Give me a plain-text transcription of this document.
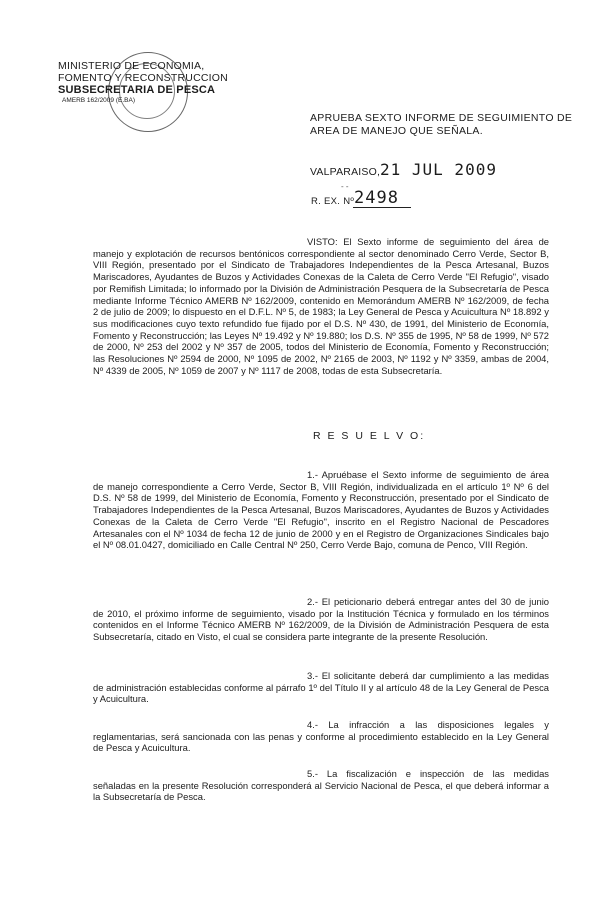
MINISTERIO DE ECONOMIA,
FOMENTO Y RECONSTRUCCION
SUBSECRETARIA DE PESCA
AMERB 162/2009 (E.BA)
APRUEBA SEXTO INFORME DE SEGUIMIENTO DE AREA DE MANEJO QUE SEÑALA.
VALPARAISO, 21 JUL 2009
- -
R. EX. Nº 2498

VISTO: El Sexto informe de seguimiento del área de manejo y explotación de recursos bentónicos correspondiente al sector denominado Cerro Verde, Sector B, VIII Región, presentado por el Sindicato de Trabajadores Independientes de la Pesca Artesanal, Buzos Mariscadores, Ayudantes de Buzos y Actividades Conexas de la Caleta de Cerro Verde "El Refugio", visado por Remifish Limitada; lo informado por la División de Administración Pesquera de la Subsecretaría de Pesca mediante Informe Técnico AMERB Nº 162/2009, contenido en Memorándum AMERB Nº 162/2009, de fecha 2 de julio de 2009; lo dispuesto en el D.F.L. Nº 5, de 1983; la Ley General de Pesca y Acuicultura Nº 18.892 y sus modificaciones cuyo texto refundido fue fijado por el D.S. Nº 430, de 1991, del Ministerio de Economía, Fomento y Reconstrucción; las Leyes Nº 19.492 y Nº 19.880; los D.S. Nº 355 de 1995, Nº 58 de 1999, Nº 572 de 2000, Nº 253 del 2002 y Nº 357 de 2005, todos del Ministerio de Economía, Fomento y Reconstrucción; las Resoluciones Nº 2594 de 2000, Nº 1095 de 2002, Nº 2165 de 2003, Nº 1192 y Nº 3359, ambas de 2004, Nº 4339 de 2005, Nº 1059 de 2007 y Nº 1117 de 2008, todas de esta Subsecretaría.

R E S U E L V O:

1.- Apruébase el Sexto informe de seguimiento de área de manejo correspondiente a Cerro Verde, Sector B, VIII Región, individualizada en el artículo 1º Nº 6 del D.S. Nº 58 de 1999, del Ministerio de Economía, Fomento y Reconstrucción, presentado por el Sindicato de Trabajadores Independientes de la Pesca Artesanal, Buzos Mariscadores, Ayudantes de Buzos y Actividades Conexas de la Caleta de Cerro Verde "El Refugio", inscrito en el Registro Nacional de Pescadores Artesanales con el Nº 1034 de fecha 12 de junio de 2000 y en el Registro de Organizaciones Sindicales bajo el Nº 08.01.0427, domiciliado en Calle Central Nº 250, Cerro Verde Bajo, comuna de Penco, VIII Región.

2.- El peticionario deberá entregar antes del 30 de junio de 2010, el próximo informe de seguimiento, visado por la Institución Técnica y formulado en los términos contenidos en el Informe Técnico AMERB Nº 162/2009, de la División de Administración Pesquera de esta Subsecretaría, citado en Visto, el cual se considera parte integrante de la presente Resolución.

3.- El solicitante deberá dar cumplimiento a las medidas de administración establecidas conforme al párrafo 1º del Título II y al artículo 48 de la Ley General de Pesca y Acuicultura.

4.- La infracción a las disposiciones legales y reglamentarias, será sancionada con las penas y conforme al procedimiento establecido en la Ley General de Pesca y Acuicultura.

5.- La fiscalización e inspección de las medidas señaladas en la presente Resolución corresponderá al Servicio Nacional de Pesca, el que deberá informar a la Subsecretaría de Pesca.
